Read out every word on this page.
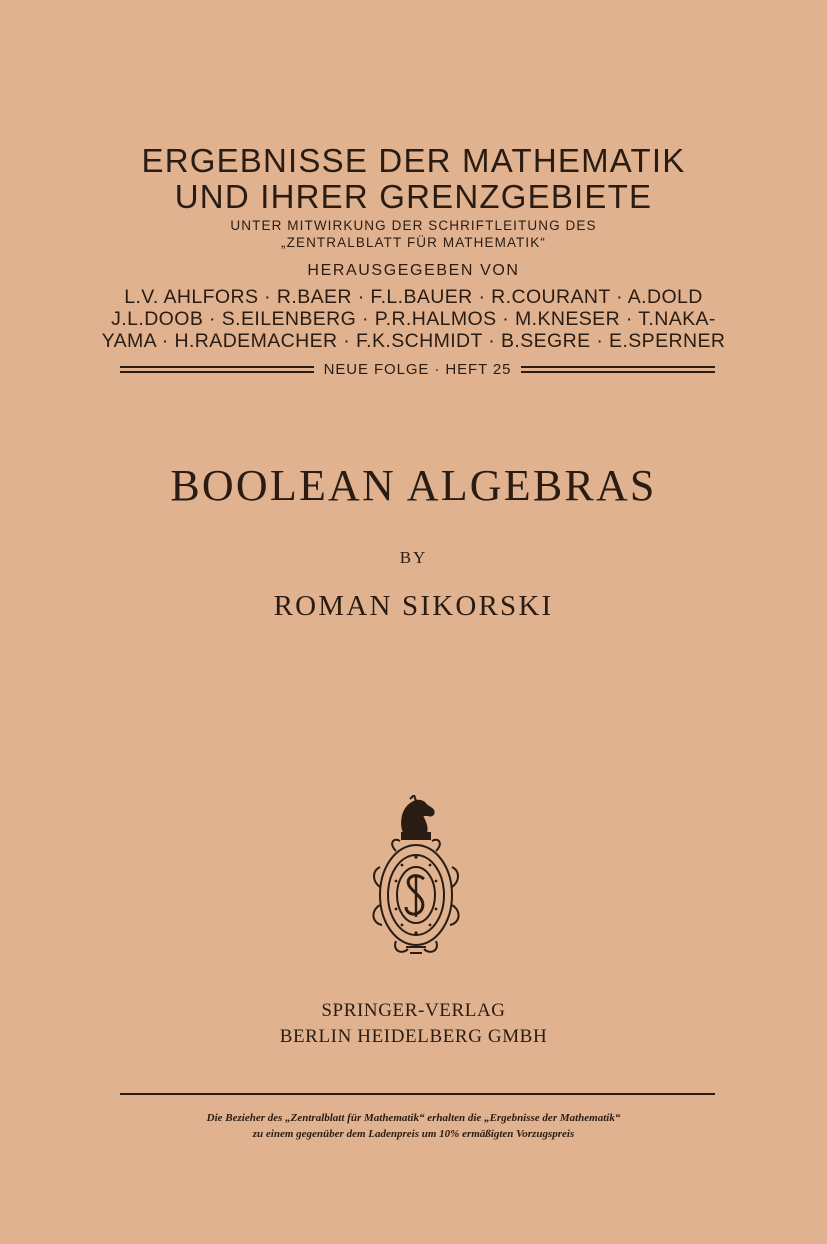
ERGEBNISSE DER MATHEMATIK
UND IHRER GRENZGEBIETE
UNTER MITWIRKUNG DER SCHRIFTLEITUNG DES
„ZENTRALBLATT FÜR MATHEMATIK“
HERAUSGEGEBEN VON
L.V. AHLFORS · R.BAER · F.L.BAUER · R.COURANT · A.DOLD
J.L.DOOB · S.EILENBERG · P.R.HALMOS · M.KNESER · T.NAKA-
YAMA · H.RADEMACHER · F.K.SCHMIDT · B.SEGRE · E.SPERNER
NEUE FOLGE · HEFT 25
BOOLEAN ALGEBRAS
BY
ROMAN SIKORSKI
SPRINGER-VERLAG
BERLIN HEIDELBERG GMBH
Die Bezieher des „Zentralblatt für Mathematik“ erhalten die „Ergebnisse der Mathematik“
zu einem gegenüber dem Ladenpreis um 10% ermäßigten Vorzugspreis
